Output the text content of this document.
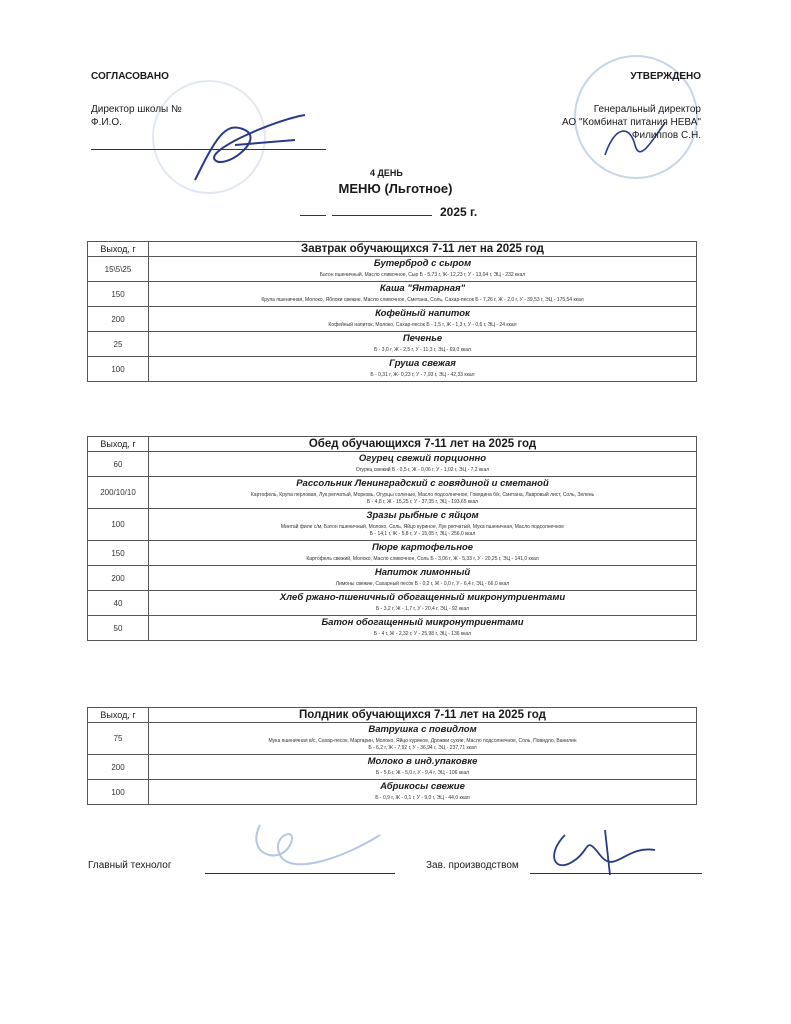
СОГЛАСОВАНО
Директор школы №
Ф.И.О.
УТВЕРЖДЕНО
Генеральный директор
АО "Комбинат питания НЕВА"
Филиппов С.Н.
4 ДЕНЬ
МЕНЮ (Льготное)
2025 г.
Выход, г	Завтрак обучающихся 7-11 лет на 2025 год
15\5\25	Бутерброд с сыром
Батон пшеничный, Масло сливочное, Сыр Б - 5,73 г, Ж- 12,23 г, У - 13,04 г, ЭЦ - 232 ккал

150	Каша "Янтарная"
Крупа пшеничная, Молоко, Яблоки свежие, Масло сливочное, Сметана, Соль, Сахар-песок Б - 7,26 г, Ж - 2,0 г, У - 39,53 г, ЭЦ - 175,54 ккал

200	Кофейный напиток
Кофейный напиток, Молоко, Сахар-песок Б - 1,5 г, Ж - 1,3 г, У - 0,6 г, ЭЦ - 24 ккал

25	Печенье
Б - 3,0 г, Ж - 2,5 г, У - 11,3 г, ЭЦ - 69,0 ккал

100	Груша свежая
Б - 0,31 г, Ж- 0,23 г, У - 7,93 г, ЭЦ - 42,33 ккал
Выход, г	Обед обучающихся 7-11 лет на 2025 год
60	Огурец свежий порционно
Огурец свежий Б - 0,5 г, Ж - 0,06 г, У - 1,02 г, ЭЦ - 7,2 ккал

200/10/10	Рассольник Ленинградский с говядиной и сметаной
Картофель, Крупа перловая, Лук репчатый, Морковь, Огурцы соленые, Масло подсолнечное, Говядина б/к, Сметана, Лавровый лист, Соль, Зелень
Б - 4,8 г, Ж - 15,25 г, У - 37,35 г, ЭЦ - 193,65 ккал

100	Зразы рыбные с яйцом
Минтай филе с/м, Батон пшеничный, Молоко, Соль, Яйцо куриное, Лук репчатый, Мука пшеничная, Масло подсолнечное
Б - 14,1 г, Ж - 5,8 г, У - 15,05 г, ЭЦ - 256,0 ккал

150	Пюре картофельное
Картофель свежий, Молоко, Масло сливочное, Соль Б - 3,06 г, Ж - 5,33 г, У - 20,25 г, ЭЦ - 141,0 ккал

200	Напиток лимонный
Лимоны свежие, Сахарный песок Б - 0,2 г, Ж - 0,0 г, У - 6,4 г, ЭЦ - 66,0 ккал

40	Хлеб ржано-пшеничный обогащенный микронутриентами
Б - 3,2 г, Ж - 1,7 г, У - 20,4 г, ЭЦ - 92 ккал

50	Батон обогащенный микронутриентами
Б - 4 г, Ж - 2,32 г, У - 25,98 г, ЭЦ - 136 ккал
Выход, г	Полдник обучающихся 7-11 лет на 2025 год
75	Ватрушка с повидлом
Мука пшеничная в/с, Сахар-песок, Маргарин, Молоко, Яйцо куриное, Дрожжи сухие, Масло подсолнечное, Соль, Повидло, Ванилин
Б - 6,2 г, Ж - 7,92 г, У - 36,94 г, ЭЦ - 237,71 ккал

200	Молоко в инд.упаковке
Б - 5,6 г, Ж - 5,0 г, У - 9,4 г, ЭЦ - 106 ккал

100	Абрикосы свежие
Б - 0,9 г, Ж - 0,1 г, У - 9,0 г, ЭЦ - 44,0 ккал
Главный технолог	Зав. производством
